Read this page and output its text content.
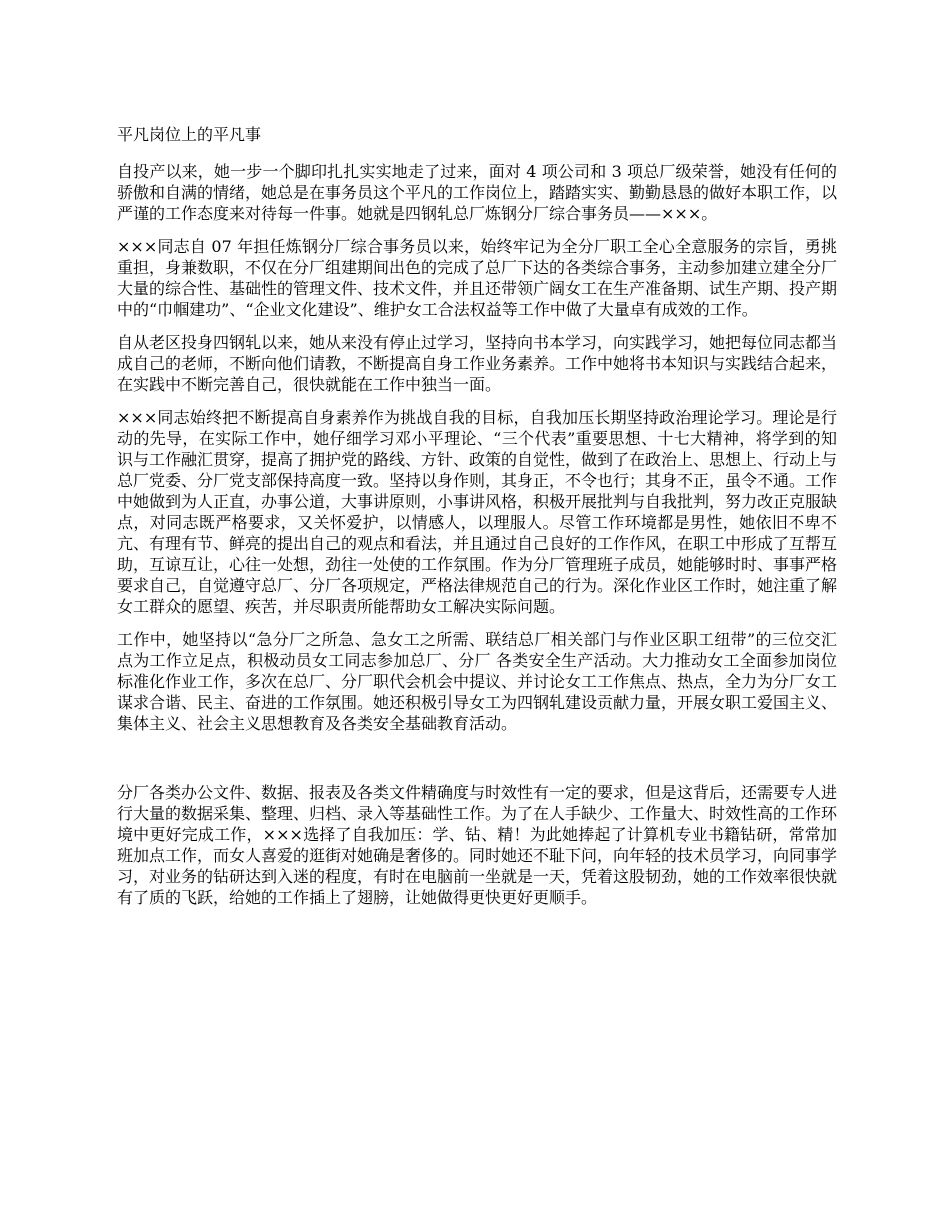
平凡岗位上的平凡事

自投产以来，她一步一个脚印扎扎实实地走了过来，面对 4 项公司和 3 项总厂级荣誉，她没有任何的骄傲和自满的情绪，她总是在事务员这个平凡的工作岗位上，踏踏实实、勤勤恳恳的做好本职工作，以严谨的工作态度来对待每一件事。她就是四钢轧总厂炼钢分厂综合事务员——×××。

×××同志自 07 年担任炼钢分厂综合事务员以来，始终牢记为全分厂职工全心全意服务的宗旨，勇挑重担，身兼数职，不仅在分厂组建期间出色的完成了总厂下达的各类综合事务，主动参加建立建全分厂大量的综合性、基础性的管理文件、技术文件，并且还带领广阔女工在生产准备期、试生产期、投产期中的“巾帼建功”、“企业文化建设”、维护女工合法权益等工作中做了大量卓有成效的工作。

自从老区投身四钢轧以来，她从来没有停止过学习，坚持向书本学习，向实践学习，她把每位同志都当成自己的老师，不断向他们请教，不断提高自身工作业务素养。工作中她将书本知识与实践结合起来，在实践中不断完善自己，很快就能在工作中独当一面。

×××同志始终把不断提高自身素养作为挑战自我的目标，自我加压长期坚持政治理论学习。理论是行动的先导，在实际工作中，她仔细学习邓小平理论、“三个代表”重要思想、十七大精神，将学到的知识与工作融汇贯穿，提高了拥护党的路线、方针、政策的自觉性，做到了在政治上、思想上、行动上与总厂党委、分厂党支部保持高度一致。坚持以身作则，其身正，不令也行；其身不正，虽令不通。工作中她做到为人正直，办事公道，大事讲原则，小事讲风格，积极开展批判与自我批判，努力改正克服缺点，对同志既严格要求，又关怀爱护，以情感人，以理服人。尽管工作环境都是男性，她依旧不卑不亢、有理有节、鲜亮的提出自己的观点和看法，并且通过自己良好的工作作风，在职工中形成了互帮互助，互谅互让，心往一处想，劲往一处使的工作氛围。作为分厂管理班子成员，她能够时时、事事严格要求自己，自觉遵守总厂、分厂各项规定，严格法律规范自己的行为。深化作业区工作时，她注重了解女工群众的愿望、疾苦，并尽职责所能帮助女工解决实际问题。

工作中，她坚持以“急分厂之所急、急女工之所需、联结总厂相关部门与作业区职工纽带”的三位交汇点为工作立足点，积极动员女工同志参加总厂、分厂 各类安全生产活动。大力推动女工全面参加岗位标准化作业工作，多次在总厂、分厂职代会机会中提议、并讨论女工工作焦点、热点，全力为分厂女工谋求合谐、民主、奋进的工作氛围。她还积极引导女工为四钢轧建设贡献力量，开展女职工爱国主义、集体主义、社会主义思想教育及各类安全基础教育活动。

分厂各类办公文件、数据、报表及各类文件精确度与时效性有一定的要求，但是这背后，还需要专人进行大量的数据采集、整理、归档、录入等基础性工作。为了在人手缺少、工作量大、时效性高的工作环境中更好完成工作，×××选择了自我加压：学、钻、精！为此她捧起了计算机专业书籍钻研，常常加班加点工作，而女人喜爱的逛街对她确是奢侈的。同时她还不耻下问，向年轻的技术员学习，向同事学习，对业务的钻研达到入迷的程度，有时在电脑前一坐就是一天，凭着这股韧劲，她的工作效率很快就有了质的飞跃，给她的工作插上了翅膀，让她做得更快更好更顺手。
